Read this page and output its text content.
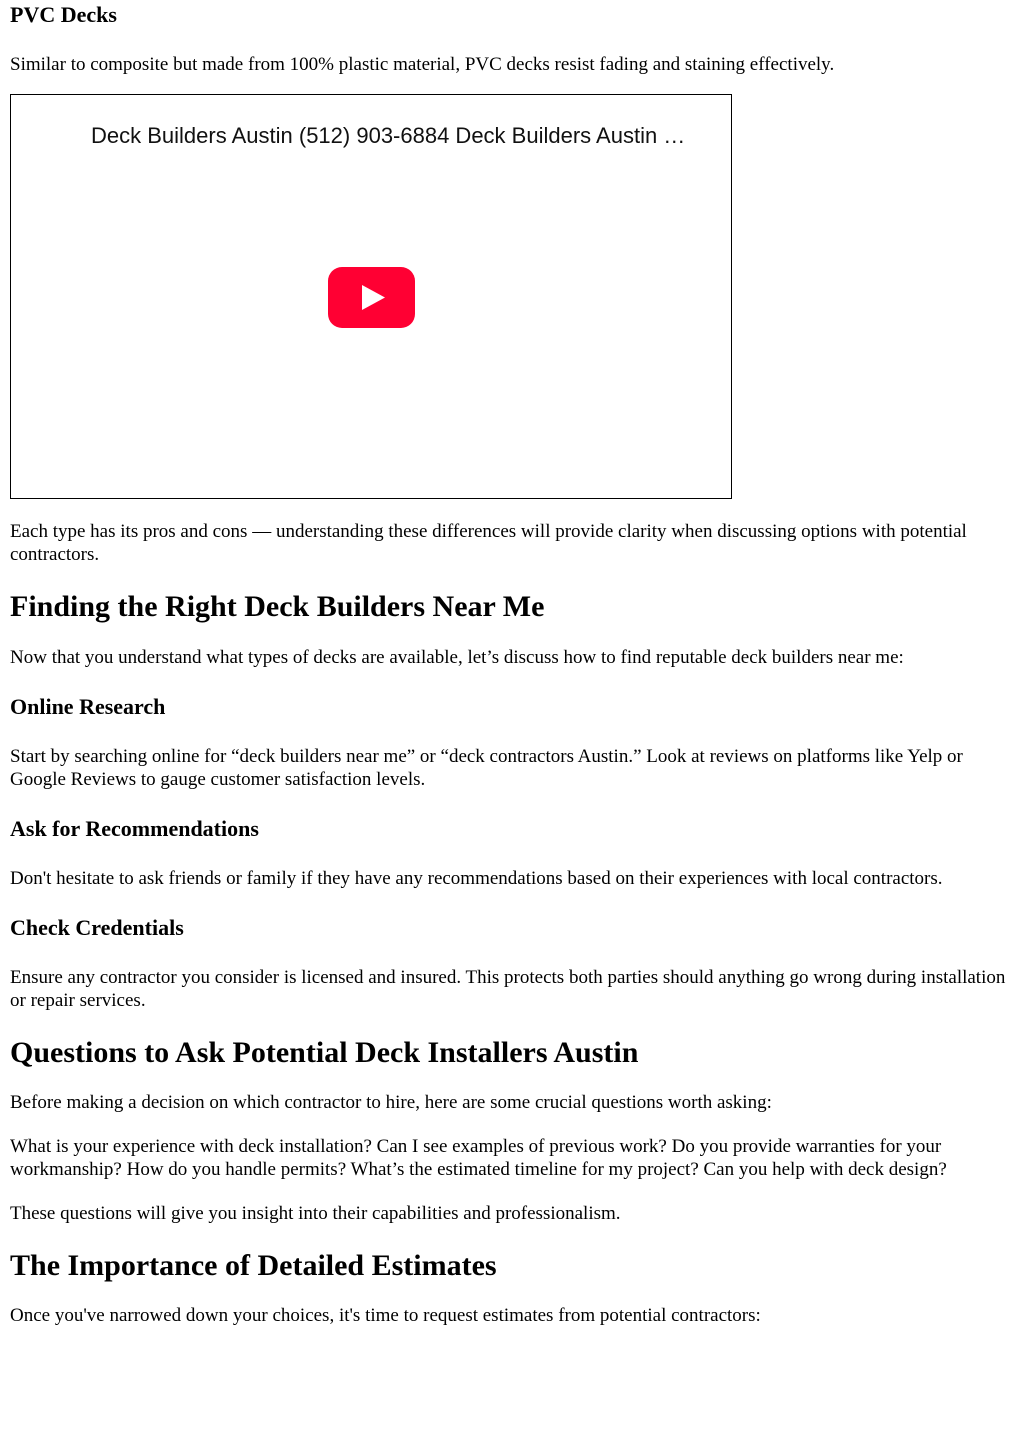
PVC Decks

Similar to composite but made from 100% plastic material, PVC decks resist fading and staining effectively.

Deck Builders Austin (512) 903-6884 Deck Builders Austin …

Each type has its pros and cons — understanding these differences will provide clarity when discussing options with potential contractors.

Finding the Right Deck Builders Near Me

Now that you understand what types of decks are available, let’s discuss how to find reputable deck builders near me:

Online Research

Start by searching online for “deck builders near me” or “deck contractors Austin.” Look at reviews on platforms like Yelp or Google Reviews to gauge customer satisfaction levels.

Ask for Recommendations

Don't hesitate to ask friends or family if they have any recommendations based on their experiences with local contractors.

Check Credentials

Ensure any contractor you consider is licensed and insured. This protects both parties should anything go wrong during installation or repair services.

Questions to Ask Potential Deck Installers Austin

Before making a decision on which contractor to hire, here are some crucial questions worth asking:

What is your experience with deck installation? Can I see examples of previous work? Do you provide warranties for your workmanship? How do you handle permits? What’s the estimated timeline for my project? Can you help with deck design?

These questions will give you insight into their capabilities and professionalism.

The Importance of Detailed Estimates

Once you've narrowed down your choices, it's time to request estimates from potential contractors:
